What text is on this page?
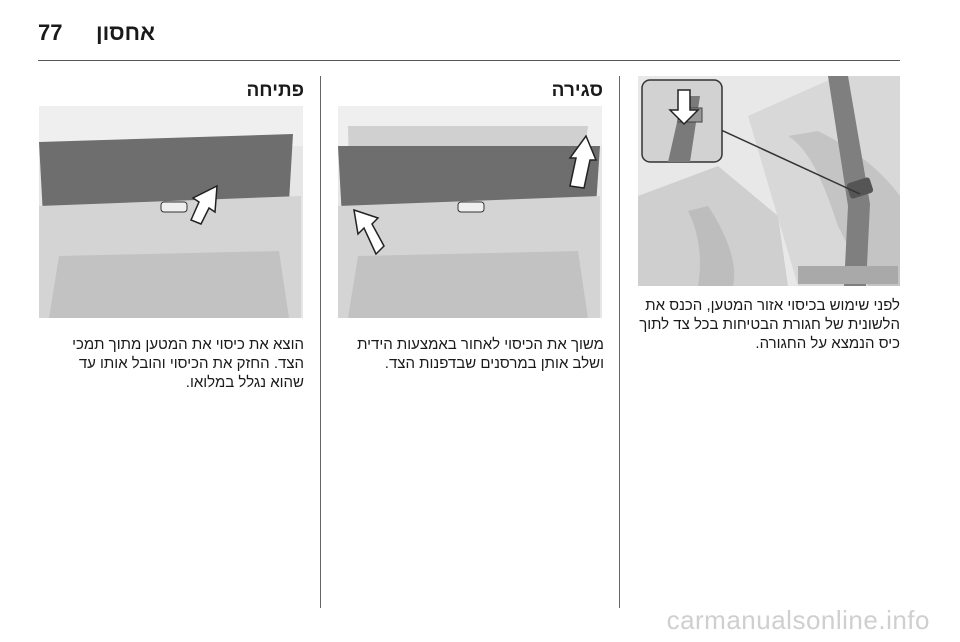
77 אחסון
סגירה
פתיחה
לפני שימוש בכיסוי אזור המטען, הכנס את
הלשונית של חגורת הבטיחות בכל צד לתוך
כיס הנמצא על החגורה.
משוך את הכיסוי לאחור באמצעות הידית
ושלב אותן במרסנים שבדפנות הצד.
הוצא את כיסוי את המטען מתוך תמכי
הצד. החזק את הכיסוי והובל אותו עד
שהוא נגלל במלואו.
carmanualsonline.info
